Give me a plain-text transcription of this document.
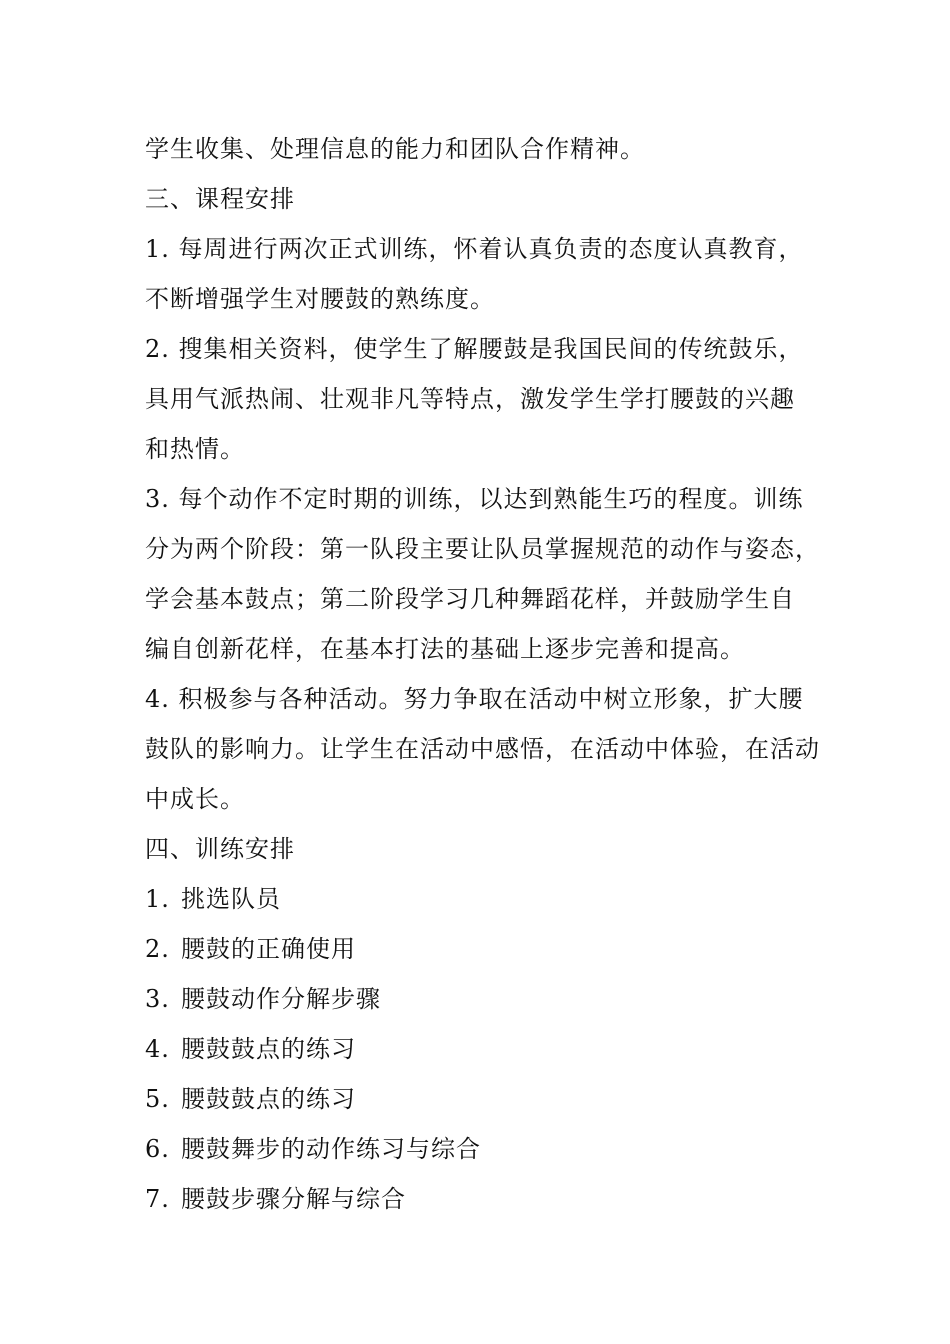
学生收集、处理信息的能力和团队合作精神。
三、课程安排
1. 每周进行两次正式训练，怀着认真负责的态度认真教育，
不断增强学生对腰鼓的熟练度。
2. 搜集相关资料，使学生了解腰鼓是我国民间的传统鼓乐，
具用气派热闹、壮观非凡等特点，激发学生学打腰鼓的兴趣
和热情。
3. 每个动作不定时期的训练，以达到熟能生巧的程度。训练
分为两个阶段：第一队段主要让队员掌握规范的动作与姿态，
学会基本鼓点；第二阶段学习几种舞蹈花样，并鼓励学生自
编自创新花样，在基本打法的基础上逐步完善和提高。
4. 积极参与各种活动。努力争取在活动中树立形象，扩大腰
鼓队的影响力。让学生在活动中感悟，在活动中体验，在活动
中成长。
四、训练安排
1. 挑选队员
2. 腰鼓的正确使用
3. 腰鼓动作分解步骤
4. 腰鼓鼓点的练习
5. 腰鼓鼓点的练习
6. 腰鼓舞步的动作练习与综合
7. 腰鼓步骤分解与综合
